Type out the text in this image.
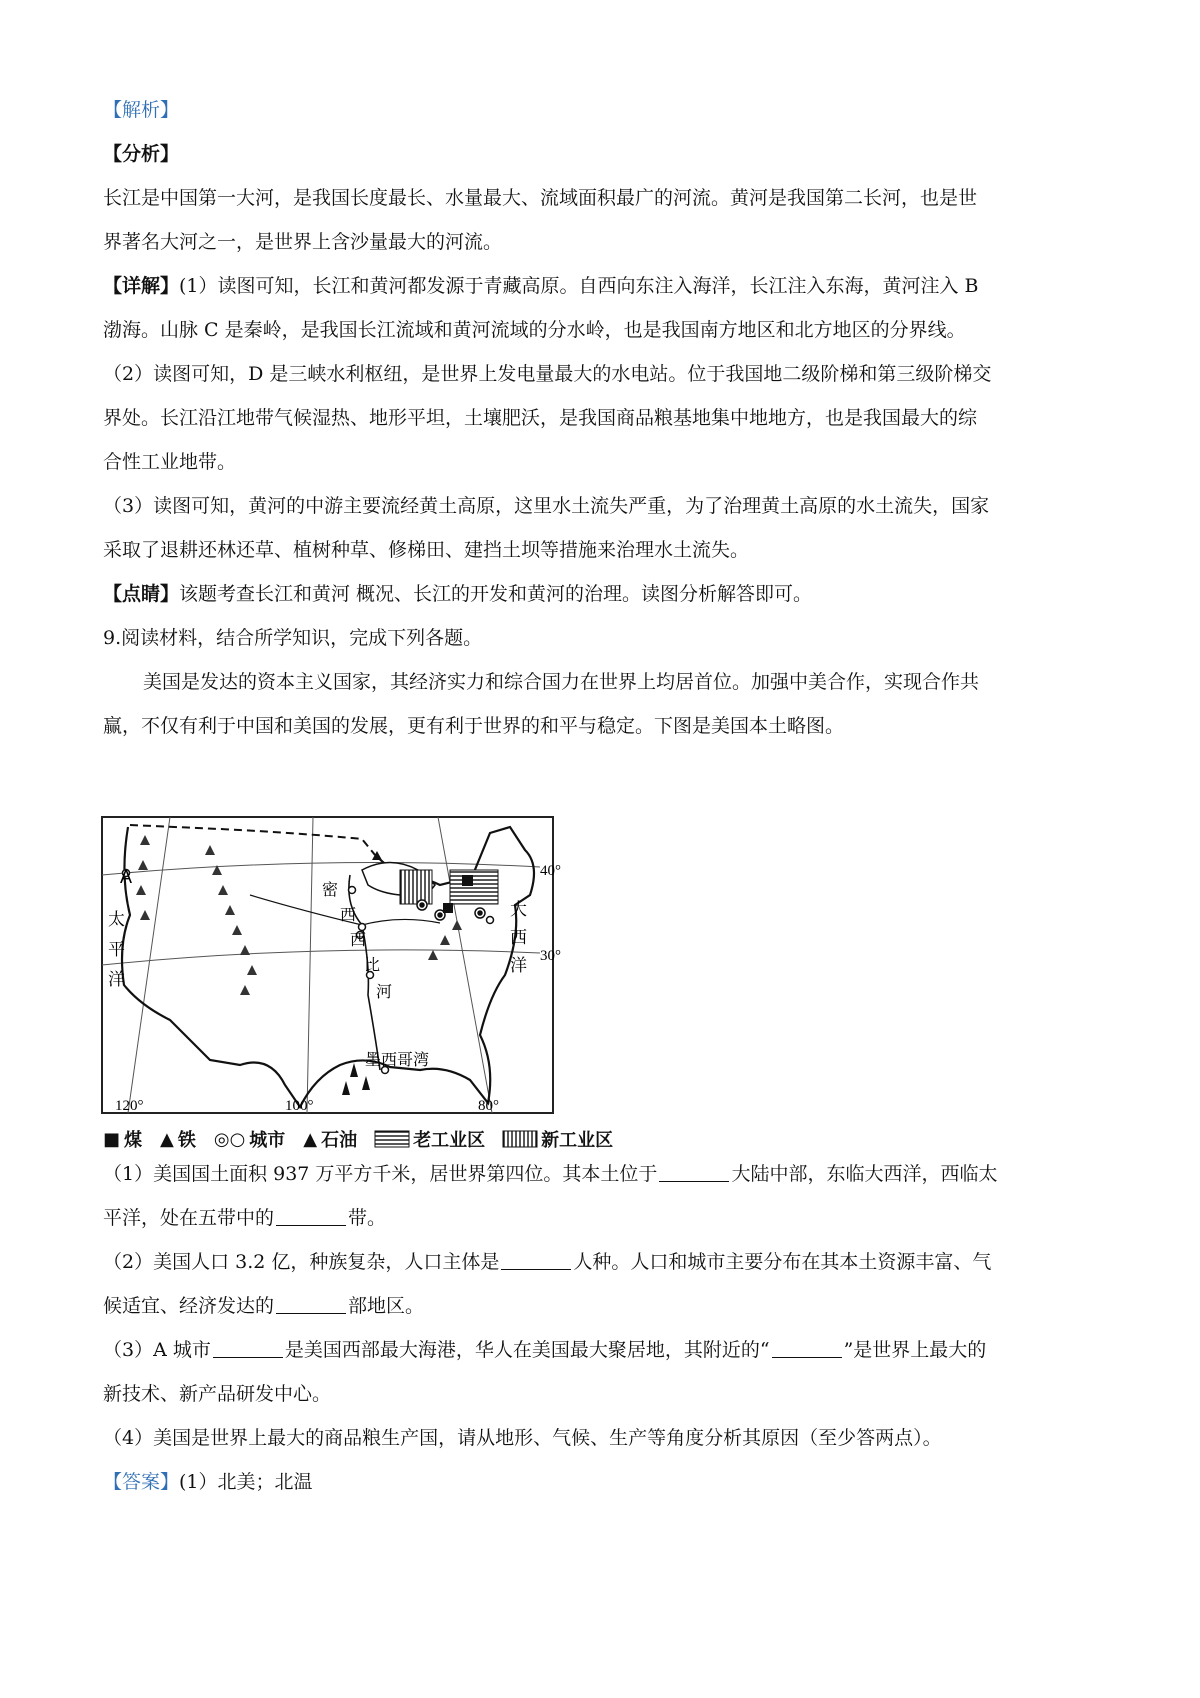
【解析】
【分析】
长江是中国第一大河，是我国长度最长、水量最大、流域面积最广的河流。黄河是我国第二长河，也是世
界著名大河之一，是世界上含沙量最大的河流。
【详解】(1）读图可知，长江和黄河都发源于青藏高原。自西向东注入海洋，长江注入东海，黄河注入 B
渤海。山脉 C 是秦岭，是我国长江流域和黄河流域的分水岭，也是我国南方地区和北方地区的分界线。
（2）读图可知，D 是三峡水利枢纽，是世界上发电量最大的水电站。位于我国地二级阶梯和第三级阶梯交
界处。长江沿江地带气候湿热、地形平坦，土壤肥沃，是我国商品粮基地集中地地方，也是我国最大的综
合性工业地带。
（3）读图可知，黄河的中游主要流经黄土高原，这里水土流失严重，为了治理黄土高原的水土流失，国家
采取了退耕还林还草、植树种草、修梯田、建挡土坝等措施来治理水土流失。
【点睛】该题考查长江和黄河 概况、长江的开发和黄河的治理。读图分析解答即可。
9.阅读材料，结合所学知识，完成下列各题。
美国是发达的资本主义国家，其经济实力和综合国力在世界上均居首位。加强中美合作，实现合作共
赢，不仅有利于中国和美国的发展，更有利于世界的和平与稳定。下图是美国本土略图。
40°
30°
A
太
平
洋
大
西
洋
密
西
西
比
河
墨西哥湾
120°	100°	80°
■ 煤 ▲ 铁 ◎○ 城市 ▲ 石油	老工业区	新工业区
（1）美国国土面积 937 万平方千米，居世界第四位。其本土位于	大陆中部，东临大西洋，西临太
平洋，处在五带中的	带。
（2）美国人口 3.2 亿，种族复杂，人口主体是	人种。人口和城市主要分布在其本土资源丰富、气
候适宜、经济发达的	部地区。
（3）A 城市	是美国西部最大海港，华人在美国最大聚居地，其附近的“	”是世界上最大的
新技术、新产品研发中心。
（4）美国是世界上最大的商品粮生产国，请从地形、气候、生产等角度分析其原因（至少答两点）。
【答案】(1）北美；北温
